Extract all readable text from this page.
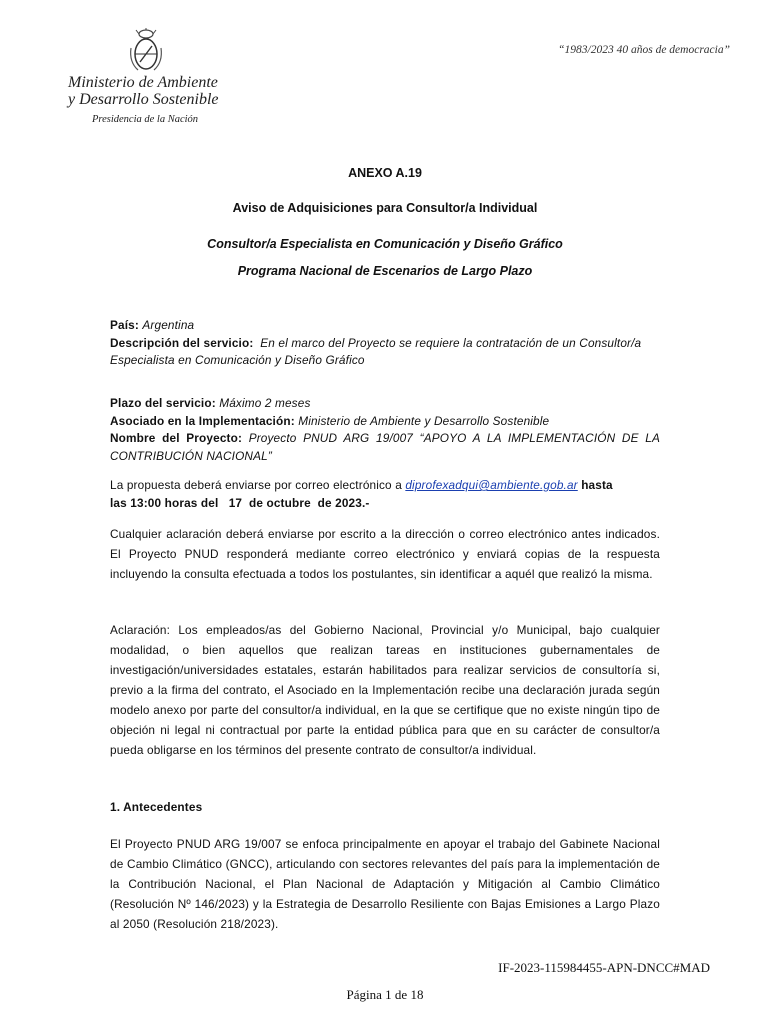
Ministerio de Ambiente
y Desarrollo Sostenible
Presidencia de la Nación
“1983/2023 40 años de democracia”
ANEXO A.19
Aviso de Adquisiciones para Consultor/a Individual
Consultor/a Especialista en Comunicación y Diseño Gráfico
Programa Nacional de Escenarios de Largo Plazo

País: Argentina

Descripción del servicio: En el marco del Proyecto se requiere la contratación de un Consultor/a

Especialista en Comunicación y Diseño Gráfico

Plazo del servicio: Máximo 2 meses

Asociado en la Implementación: Ministerio de Ambiente y Desarrollo Sostenible

Nombre del Proyecto: Proyecto PNUD ARG 19/007 “APOYO A LA IMPLEMENTACIÓN DE LA

CONTRIBUCIÓN NACIONAL”

La propuesta deberá enviarse por correo electrónico a diprofexadqui@ambiente.gob.ar hasta

las 13:00 horas del   17  de octubre  de 2023.-

Cualquier aclaración deberá enviarse por escrito a la dirección o correo electrónico antes indicados. El Proyecto PNUD responderá mediante correo electrónico y enviará copias de la respuesta incluyendo la consulta efectuada a todos los postulantes, sin identificar a aquél que realizó la misma.
Aclaración: Los empleados/as del Gobierno Nacional, Provincial y/o Municipal, bajo cualquier modalidad, o bien aquellos que realizan tareas en instituciones gubernamentales de investigación/universidades estatales, estarán habilitados para realizar servicios de consultoría si, previo a la firma del contrato, el Asociado en la Implementación recibe una declaración jurada según modelo anexo por parte del consultor/a individual, en la que se certifique que no existe ningún tipo de objeción ni legal ni contractual por parte la entidad pública para que en su carácter de consultor/a pueda obligarse en los términos del presente contrato de consultor/a individual.
1. Antecedentes
El Proyecto PNUD ARG 19/007 se enfoca principalmente en apoyar el trabajo del Gabinete Nacional de Cambio Climático (GNCC), articulando con sectores relevantes del país para la implementación de la Contribución Nacional, el Plan Nacional de Adaptación y Mitigación al Cambio Climático (Resolución Nº 146/2023) y la Estrategia de Desarrollo Resiliente con Bajas Emisiones a Largo Plazo al 2050 (Resolución 218/2023).
IF-2023-115984455-APN-DNCC#MAD
Página 1 de 18
